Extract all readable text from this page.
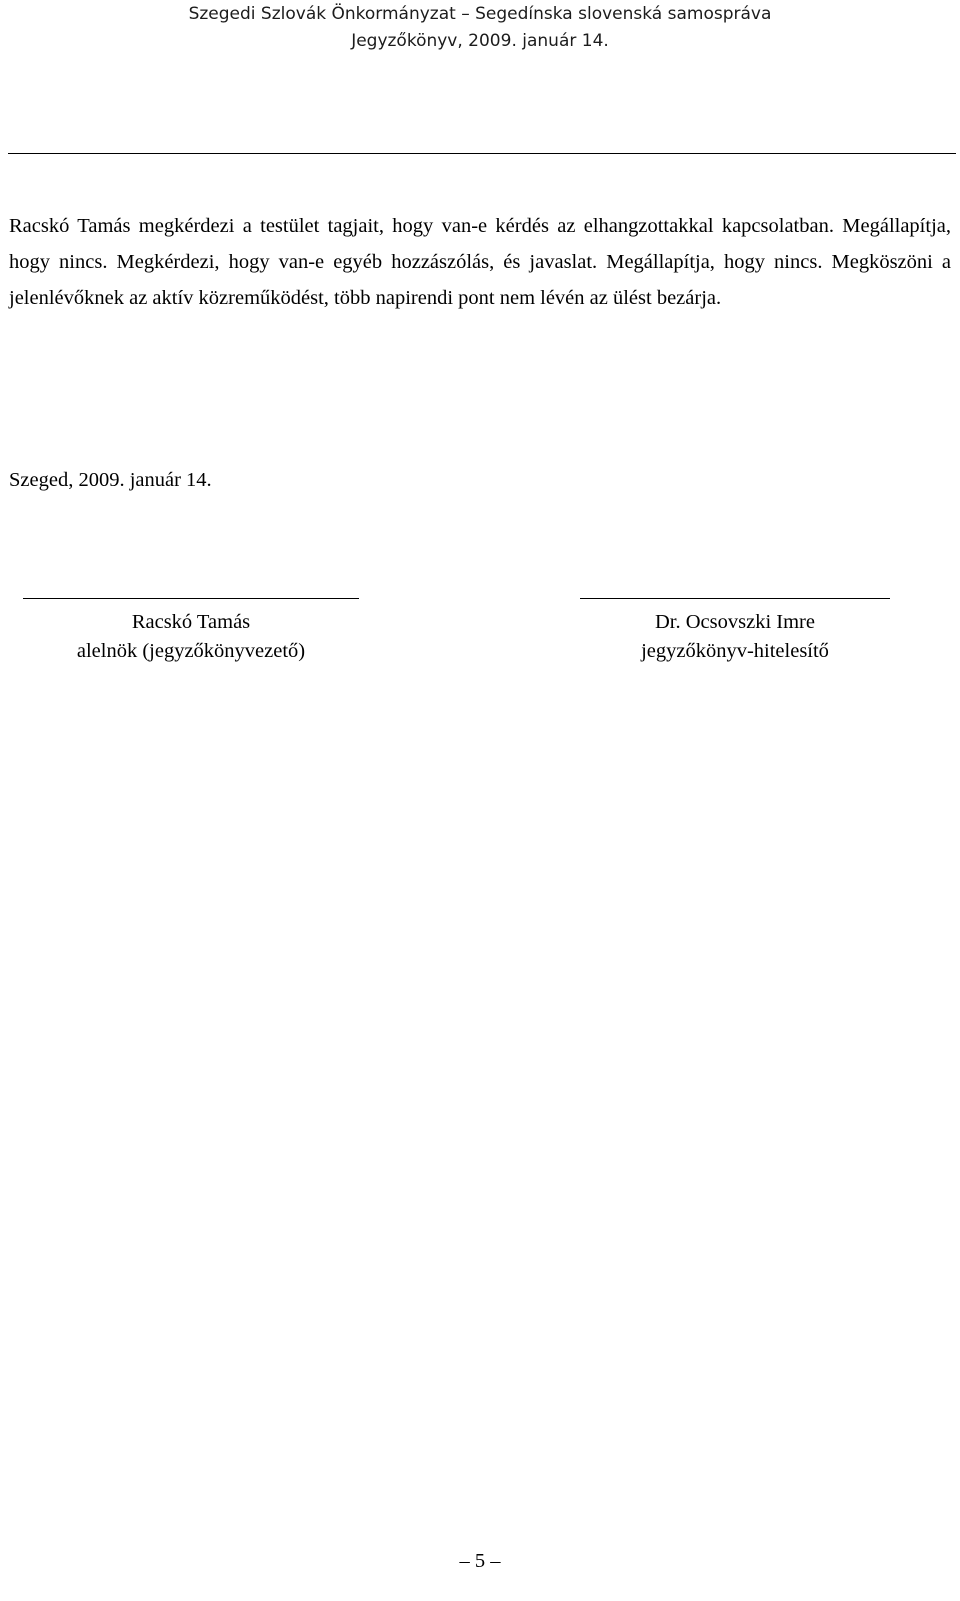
Szegedi Szlovák Önkormányzat – Segedínska slovenská samospráva
Jegyzőkönyv, 2009. január 14.
Racskó Tamás megkérdezi a testület tagjait, hogy van-e kérdés az elhangzottakkal kapcsolatban. Megállapítja, hogy nincs. Megkérdezi, hogy van-e egyéb hozzászólás, és javaslat. Megállapítja, hogy nincs. Megköszöni a jelenlévőknek az aktív közreműködést, több napirendi pont nem lévén az ülést bezárja.
Szeged, 2009. január 14.
Racskó Tamás
alelnök (jegyzőkönyvezető)
Dr. Ocsovszki Imre
jegyzőkönyv-hitelesítő
– 5 –
